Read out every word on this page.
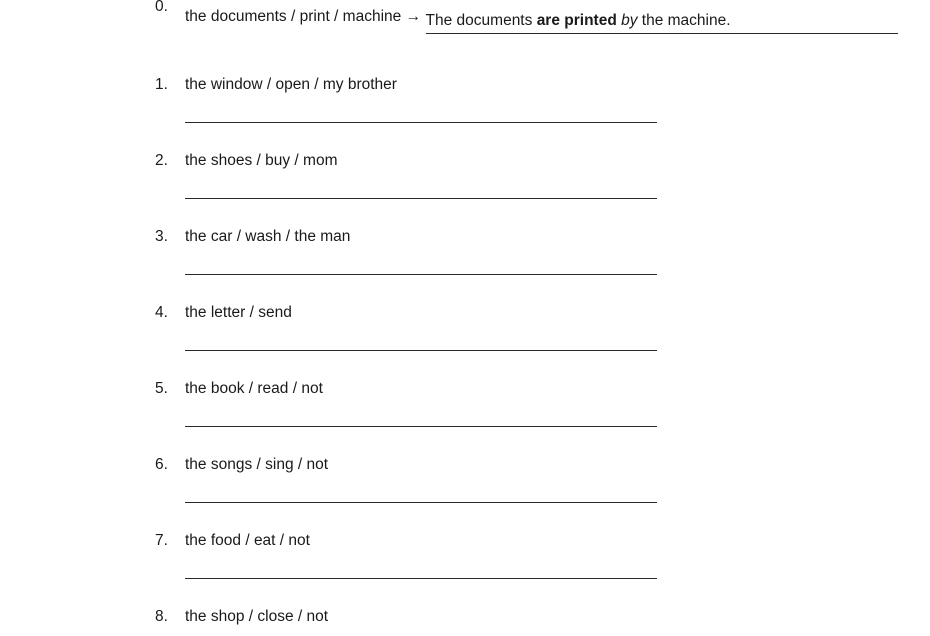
0.
the documents / print / machine → The documents are printed by the machine.
1.	the window / open / my brother
2.	the shoes / buy / mom
3.	the car / wash / the man
4.	the letter / send
5.	the book / read / not
6.	the songs / sing / not
7.	the food / eat / not
8.	the shop / close / not
